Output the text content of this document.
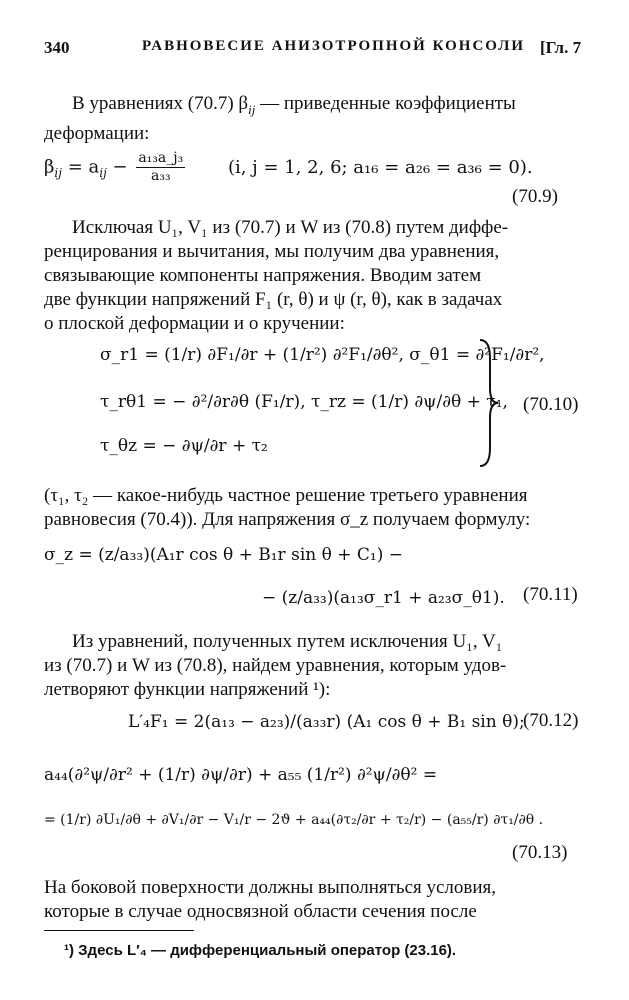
340	РАВНОВЕСИЕ АНИЗОТРОПНОЙ КОНСОЛИ [Гл. 7
В уравнениях (70.7) $\beta_{ij}$ — приведенные коэффициенты
деформации:
$\beta_{ij} = a_{ij} - \frac{\text{a₁₃a\_j₃}}{\text{a₃₃}} (i$, j = 1, 2, 6; a₁₆ = a₂₆ = a₃₆ = 0).
(70.9)
Исключая U₁, V₁ из (70.7) и W из (70.8) путем диффе-
ренцирования и вычитания, мы получим два уравнения,
связывающие компоненты напряжения. Вводим затем
две функции напряжений F₁ (r, θ) и ψ (r, θ), как в задачах
о плоской деформации и о кручении:
σ_r1 = (1/r) ∂F₁/∂r + (1/r²) ∂²F₁/∂θ², σ_θ1 = ∂²F₁/∂r²,
τ_rθ1 = − ∂²/∂r∂θ (F₁/r), τ_rz = (1/r) ∂ψ/∂θ + τ₁,
τ_θz = − ∂ψ/∂r + τ₂
(70.10)
(τ₁, τ₂ — какое-нибудь частное решение третьего уравнения
равновесия (70.4)). Для напряжения σ_z получаем формулу:
σ_z = (z/a₃₃)(A₁r cos θ + B₁r sin θ + C₁) −
− (z/a₃₃)(a₁₃σ_r1 + a₂₃σ_θ1). (70.11)
Из уравнений, полученных путем исключения U₁, V₁
из (70.7) и W из (70.8), найдем уравнения, которым удов-
летворяют функции напряжений ¹):
L′₄F₁ = 2(a₁₃ − a₂₃)/(a₃₃r) (A₁ cos θ + B₁ sin θ);
(70.12)
a₄₄(∂²ψ/∂r² + (1/r) ∂ψ/∂r) + a₅₅ (1/r²) ∂²ψ/∂θ² =
= (1/r) ∂U₁/∂θ + ∂V₁/∂r − V₁/r − 2ϑ + a₄₄(∂τ₂/∂r + τ₂/r) − (a₅₅/r) ∂τ₁/∂θ .
(70.13)
На боковой поверхности должны выполняться условия,
которые в случае односвязной области сечения после
¹) Здесь L′₄ — дифференциальный оператор (23.16).
